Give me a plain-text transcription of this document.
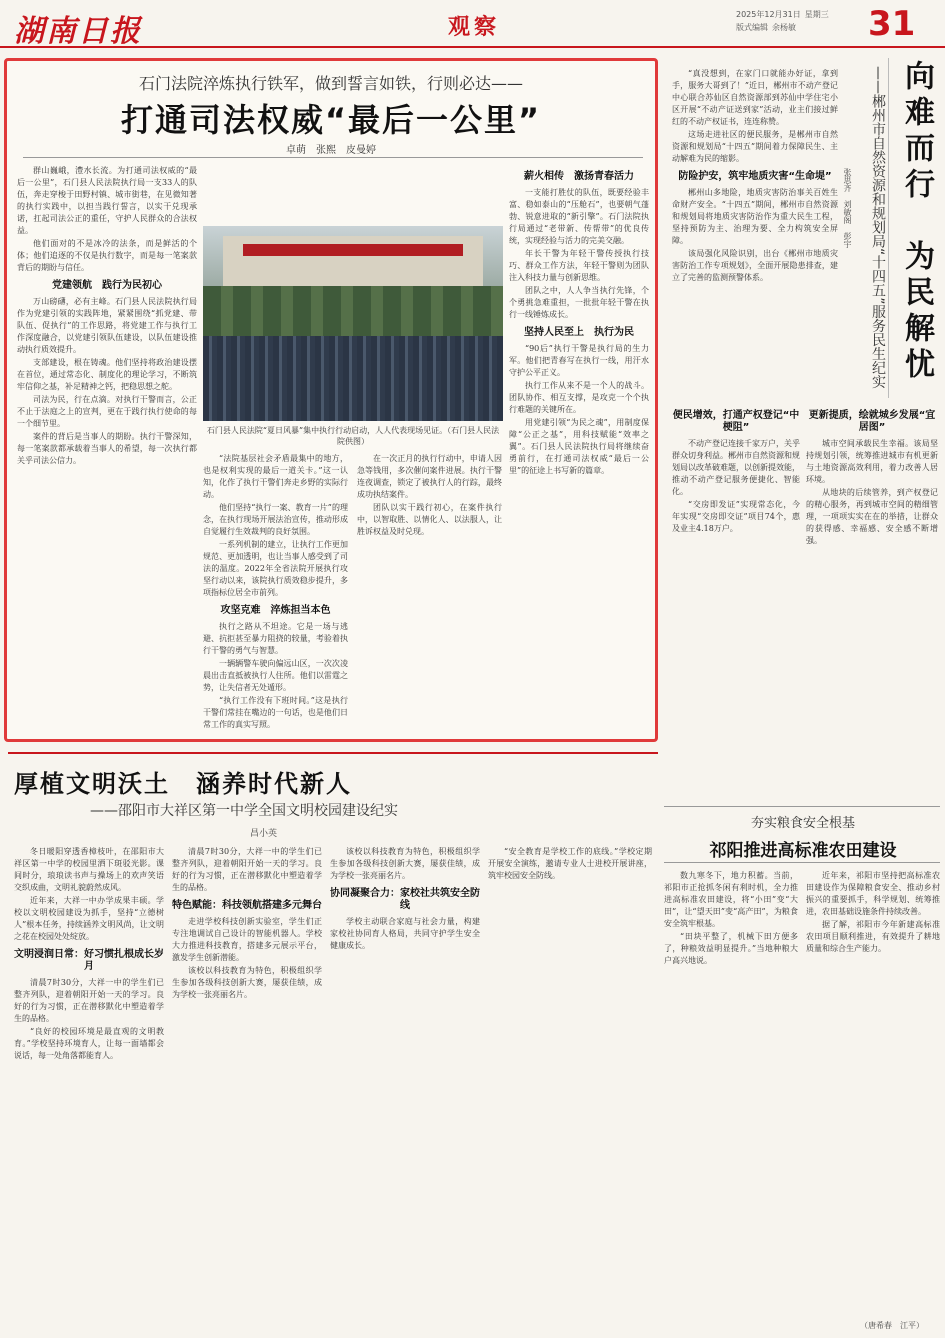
湖南日报	观察
2025年12月31日 星期三
版式编辑 余杨敏	31
石门法院淬炼执行铁军，做到誓言如铁，行则必达——
打通司法权威“最后一公里”
卓萌　张熙　皮曼婷

群山巍峨，澧水长流。为打通司法权威的“最后一公里”，石门县人民法院执行局一支33人的队伍，奔走穿梭于田野村镇、城市街巷，在见微知著的执行实践中，以担当践行誓言，以实干兑现承诺，扛起司法公正的重任，守护人民群众的合法权益。

他们面对的不是冰冷的法条，而是鲜活的个体；他们追逐的不仅是执行数字，而是每一笔案款背后的期盼与信任。

党建领航　践行为民初心

万山磅礴，必有主峰。石门县人民法院执行局作为党建引领的实践阵地，紧紧围绕“抓党建、带队伍、促执行”的工作思路，将党建工作与执行工作深度融合，以党建引领队伍建设，以队伍建设推动执行质效提升。

支部建设，根在铸魂。他们坚持将政治建设摆在首位，通过常态化、制度化的理论学习，不断筑牢信仰之基，补足精神之钙，把稳思想之舵。

司法为民，行在点滴。对执行干警而言，公正不止于法庭之上的宣判，更在于践行执行使命的每一个细节里。

案件的背后是当事人的期盼。执行干警深知，每一笔案款都承载着当事人的希望，每一次执行都关乎司法公信力。

石门县人民法院“夏日风暴”集中执行行动启动，人人代表现场见证。（石门县人民法院供图）

“法院基层社会矛盾最集中的地方，也是权利实现的最后一道关卡。”这一认知，化作了执行干警们奔走乡野的实际行动。

他们坚持“执行一案、教育一片”的理念，在执行现场开展法治宣传，推动形成自觉履行生效裁判的良好氛围。

一系列机制的建立，让执行工作更加规范、更加透明，也让当事人感受到了司法的温度。2022年全省法院开展执行攻坚行动以来，该院执行质效稳步提升，多项指标位居全市前列。

攻坚克难　淬炼担当本色

执行之路从不坦途。它是一场与逃避、抗拒甚至暴力阻挠的较量，考验着执行干警的勇气与智慧。

一辆辆警车驶向偏远山区，一次次凌晨出击直抵被执行人住所。他们以雷霆之势，让失信者无处遁形。

“执行工作没有下班时间。”这是执行干警们常挂在嘴边的一句话，也是他们日常工作的真实写照。

在一次正月的执行行动中，申请人因急等钱用，多次催问案件进展。执行干警连夜调查，锁定了被执行人的行踪，最终成功执结案件。

团队以实干践行初心，在案件执行中，以智取胜、以情化人、以法服人，让胜诉权益及时兑现。

薪火相传　激扬青春活力

一支能打胜仗的队伍，既要经验丰富、稳如泰山的“压舱石”，也要朝气蓬勃、锐意进取的“新引擎”。石门法院执行局通过“老带新、传帮带”的优良传统，实现经验与活力的完美交融。

年长干警为年轻干警传授执行技巧、群众工作方法，年轻干警则为团队注入科技力量与创新思维。

团队之中，人人争当执行先锋，个个勇挑急难重担，一批批年轻干警在执行一线锤炼成长。

坚持人民至上　执行为民

“90后”执行干警是执行局的生力军。他们把青春写在执行一线，用汗水守护公平正义。

执行工作从来不是一个人的战斗。团队协作、相互支撑，是攻克一个个执行难题的关键所在。

用党建引领“为民之魂”，用制度保障“公正之基”，用科技赋能“效率之翼”。石门县人民法院执行局将继续奋勇前行，在打通司法权威“最后一公里”的征途上书写新的篇章。

向难而行　为民解忧
——郴州市自然资源和规划局“十四五”服务民生纪实
张思齐　刘敏阁　彭宇

“真没想到，在家门口就能办好证，拿到手，服务大哥到了！”近日，郴州市不动产登记中心联合苏仙区自然资源部到苏仙中学住宅小区开展“不动产证送到家”活动，业主们接过鲜红的不动产权证书，连连称赞。

这场走进社区的便民服务，是郴州市自然资源和规划局“十四五”期间着力保障民生、主动解难为民的缩影。

防险护安，筑牢地质灾害“生命堤”

郴州山多地险，地质灾害防治事关百姓生命财产安全。“十四五”期间，郴州市自然资源和规划局将地质灾害防治作为重大民生工程，坚持预防为主、治理为要、全力构筑安全屏障。

该局强化风险识别，出台《郴州市地质灾害防治工作专项规划》，全面开展隐患排查，建立了完善的监测预警体系。

便民增效，打通产权登记“中梗阻”

不动产登记连接千家万户，关乎群众切身利益。郴州市自然资源和规划局以改革破难题，以创新提效能，推动不动产登记服务便捷化、智能化。

“交房即发证”实现常态化，今年实现“交房即交证”项目74个，惠及业主4.18万户。

更新提质，绘就城乡发展“宜居图”

城市空间承载民生幸福。该局坚持规划引领，统筹推进城市有机更新与土地资源高效利用，着力改善人居环境。

从地块的后续管养，到产权登记的精心服务，再到城市空间的精细管理，一项项实实在在的举措，让群众的获得感、幸福感、安全感不断增强。

厚植文明沃土　涵养时代新人
——邵阳市大祥区第一中学全国文明校园建设纪实
昌小英

冬日暖阳穿透香樟枝叶，在邵阳市大祥区第一中学的校园里洒下斑驳光影。课间时分，琅琅读书声与操场上的欢声笑语交织成曲，文明礼貌蔚然成风。

近年来，大祥一中办学成果丰硕。学校以文明校园建设为抓手，坚持“立德树人”根本任务，持续涵养文明风尚，让文明之花在校园处处绽放。

文明浸润日常：好习惯扎根成长岁月

清晨7时30分，大祥一中的学生们已整齐列队，迎着朝阳开始一天的学习。良好的行为习惯，正在潜移默化中塑造着学生的品格。

“良好的校园环境是最直观的文明教育。”学校坚持环境育人，让每一面墙都会说话，每一处角落都能育人。

清晨7时30分，大祥一中的学生们已整齐列队，迎着朝阳开始一天的学习。良好的行为习惯，正在潜移默化中塑造着学生的品格。

特色赋能：科技领航搭建多元舞台

走进学校科技创新实验室，学生们正专注地调试自己设计的智能机器人。学校大力推进科技教育，搭建多元展示平台，激发学生创新潜能。

该校以科技教育为特色，积极组织学生参加各级科技创新大赛，屡获佳绩，成为学校一张亮丽名片。

该校以科技教育为特色，积极组织学生参加各级科技创新大赛，屡获佳绩，成为学校一张亮丽名片。

协同凝聚合力：家校社共筑安全防线

学校主动联合家庭与社会力量，构建家校社协同育人格局，共同守护学生安全健康成长。

“安全教育是学校工作的底线。”学校定期开展安全演练，邀请专业人士进校开展讲座，筑牢校园安全防线。

夯实粮食安全根基
祁阳推进高标准农田建设

数九寒冬下，地力积蓄。当前，祁阳市正抢抓冬闲有利时机，全力推进高标准农田建设，将“小田”变“大田”，让“望天田”变“高产田”，为粮食安全筑牢根基。

“田块平整了，机械下田方便多了，种粮效益明显提升。”当地种粮大户高兴地说。

近年来，祁阳市坚持把高标准农田建设作为保障粮食安全、推动乡村振兴的重要抓手，科学规划、统筹推进，农田基础设施条件持续改善。

据了解，祁阳市今年新建高标准农田项目顺利推进，有效提升了耕地质量和综合生产能力。

（唐希春　江平）
